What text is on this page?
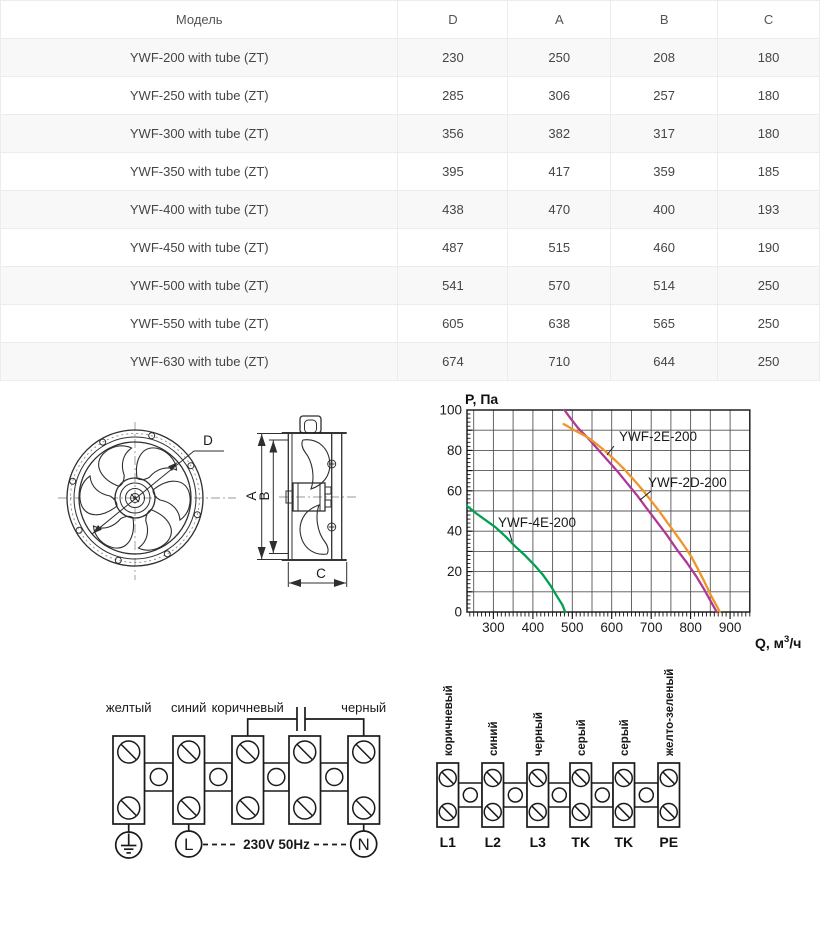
Модель	D	A	B	C
YWF-200 with tube (ZT)	230	250	208	180
YWF-250 with tube (ZT)	285	306	257	180
YWF-300 with tube (ZT)	356	382	317	180
YWF-350 with tube (ZT)	395	417	359	185
YWF-400 with tube (ZT)	438	470	400	193
YWF-450 with tube (ZT)	487	515	460	190
YWF-500 with tube (ZT)	541	570	514	250
YWF-550 with tube (ZT)	605	638	565	250
YWF-630 with tube (ZT)	674	710	644	250
D
A
B
C
300 400 500 600 700 800 900
0
20
40
60
80
100
YWF-2E-200
YWF-2D-200
YWF-4E-200
P, Па
Q, $м^3/ч$
желтый синий коричневый	черный
L	N
230V 50Hz
коричневый	синий	черный	серый	серый	желто-зеленый
L1 L2 L3 TK TK PE
